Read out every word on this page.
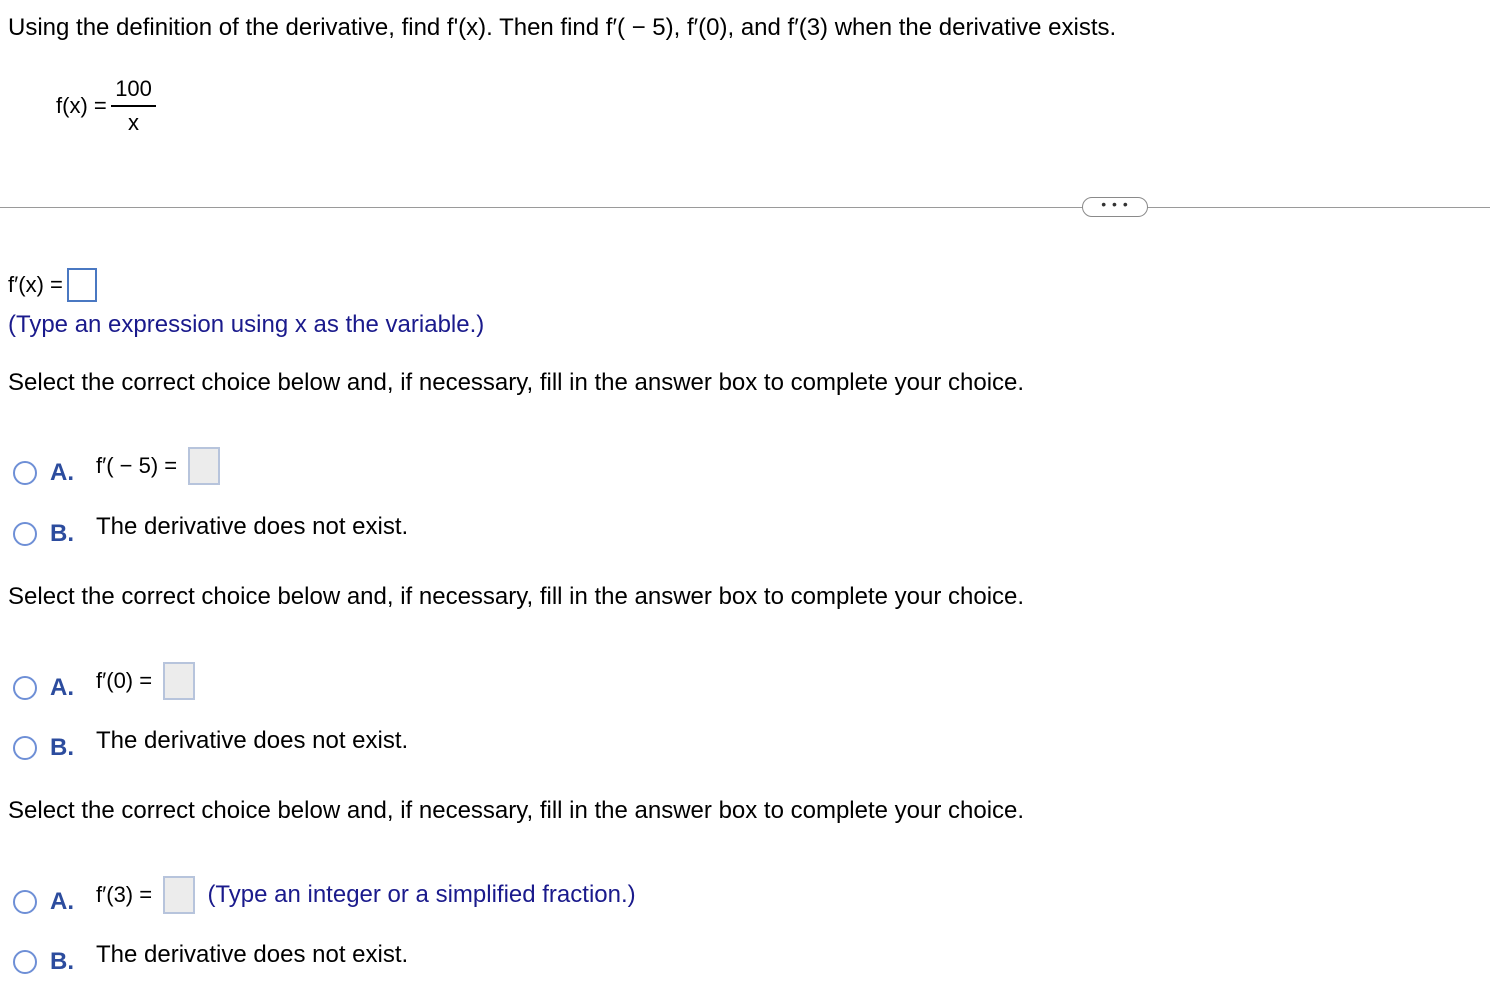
Using the definition of the derivative, find f'(x). Then find f′( − 5), f′(0), and f′(3) when the derivative exists.
$f(x) = \frac{100}{x}$
• • •
f′(x) =
(Type an expression using x as the variable.)
Select the correct choice below and, if necessary, fill in the answer box to complete your choice.
A. f′( − 5) =
B. The derivative does not exist.
Select the correct choice below and, if necessary, fill in the answer box to complete your choice.
A. f′(0) =
B. The derivative does not exist.
Select the correct choice below and, if necessary, fill in the answer box to complete your choice.
A. f′(3) = (Type an integer or a simplified fraction.)
B. The derivative does not exist.
